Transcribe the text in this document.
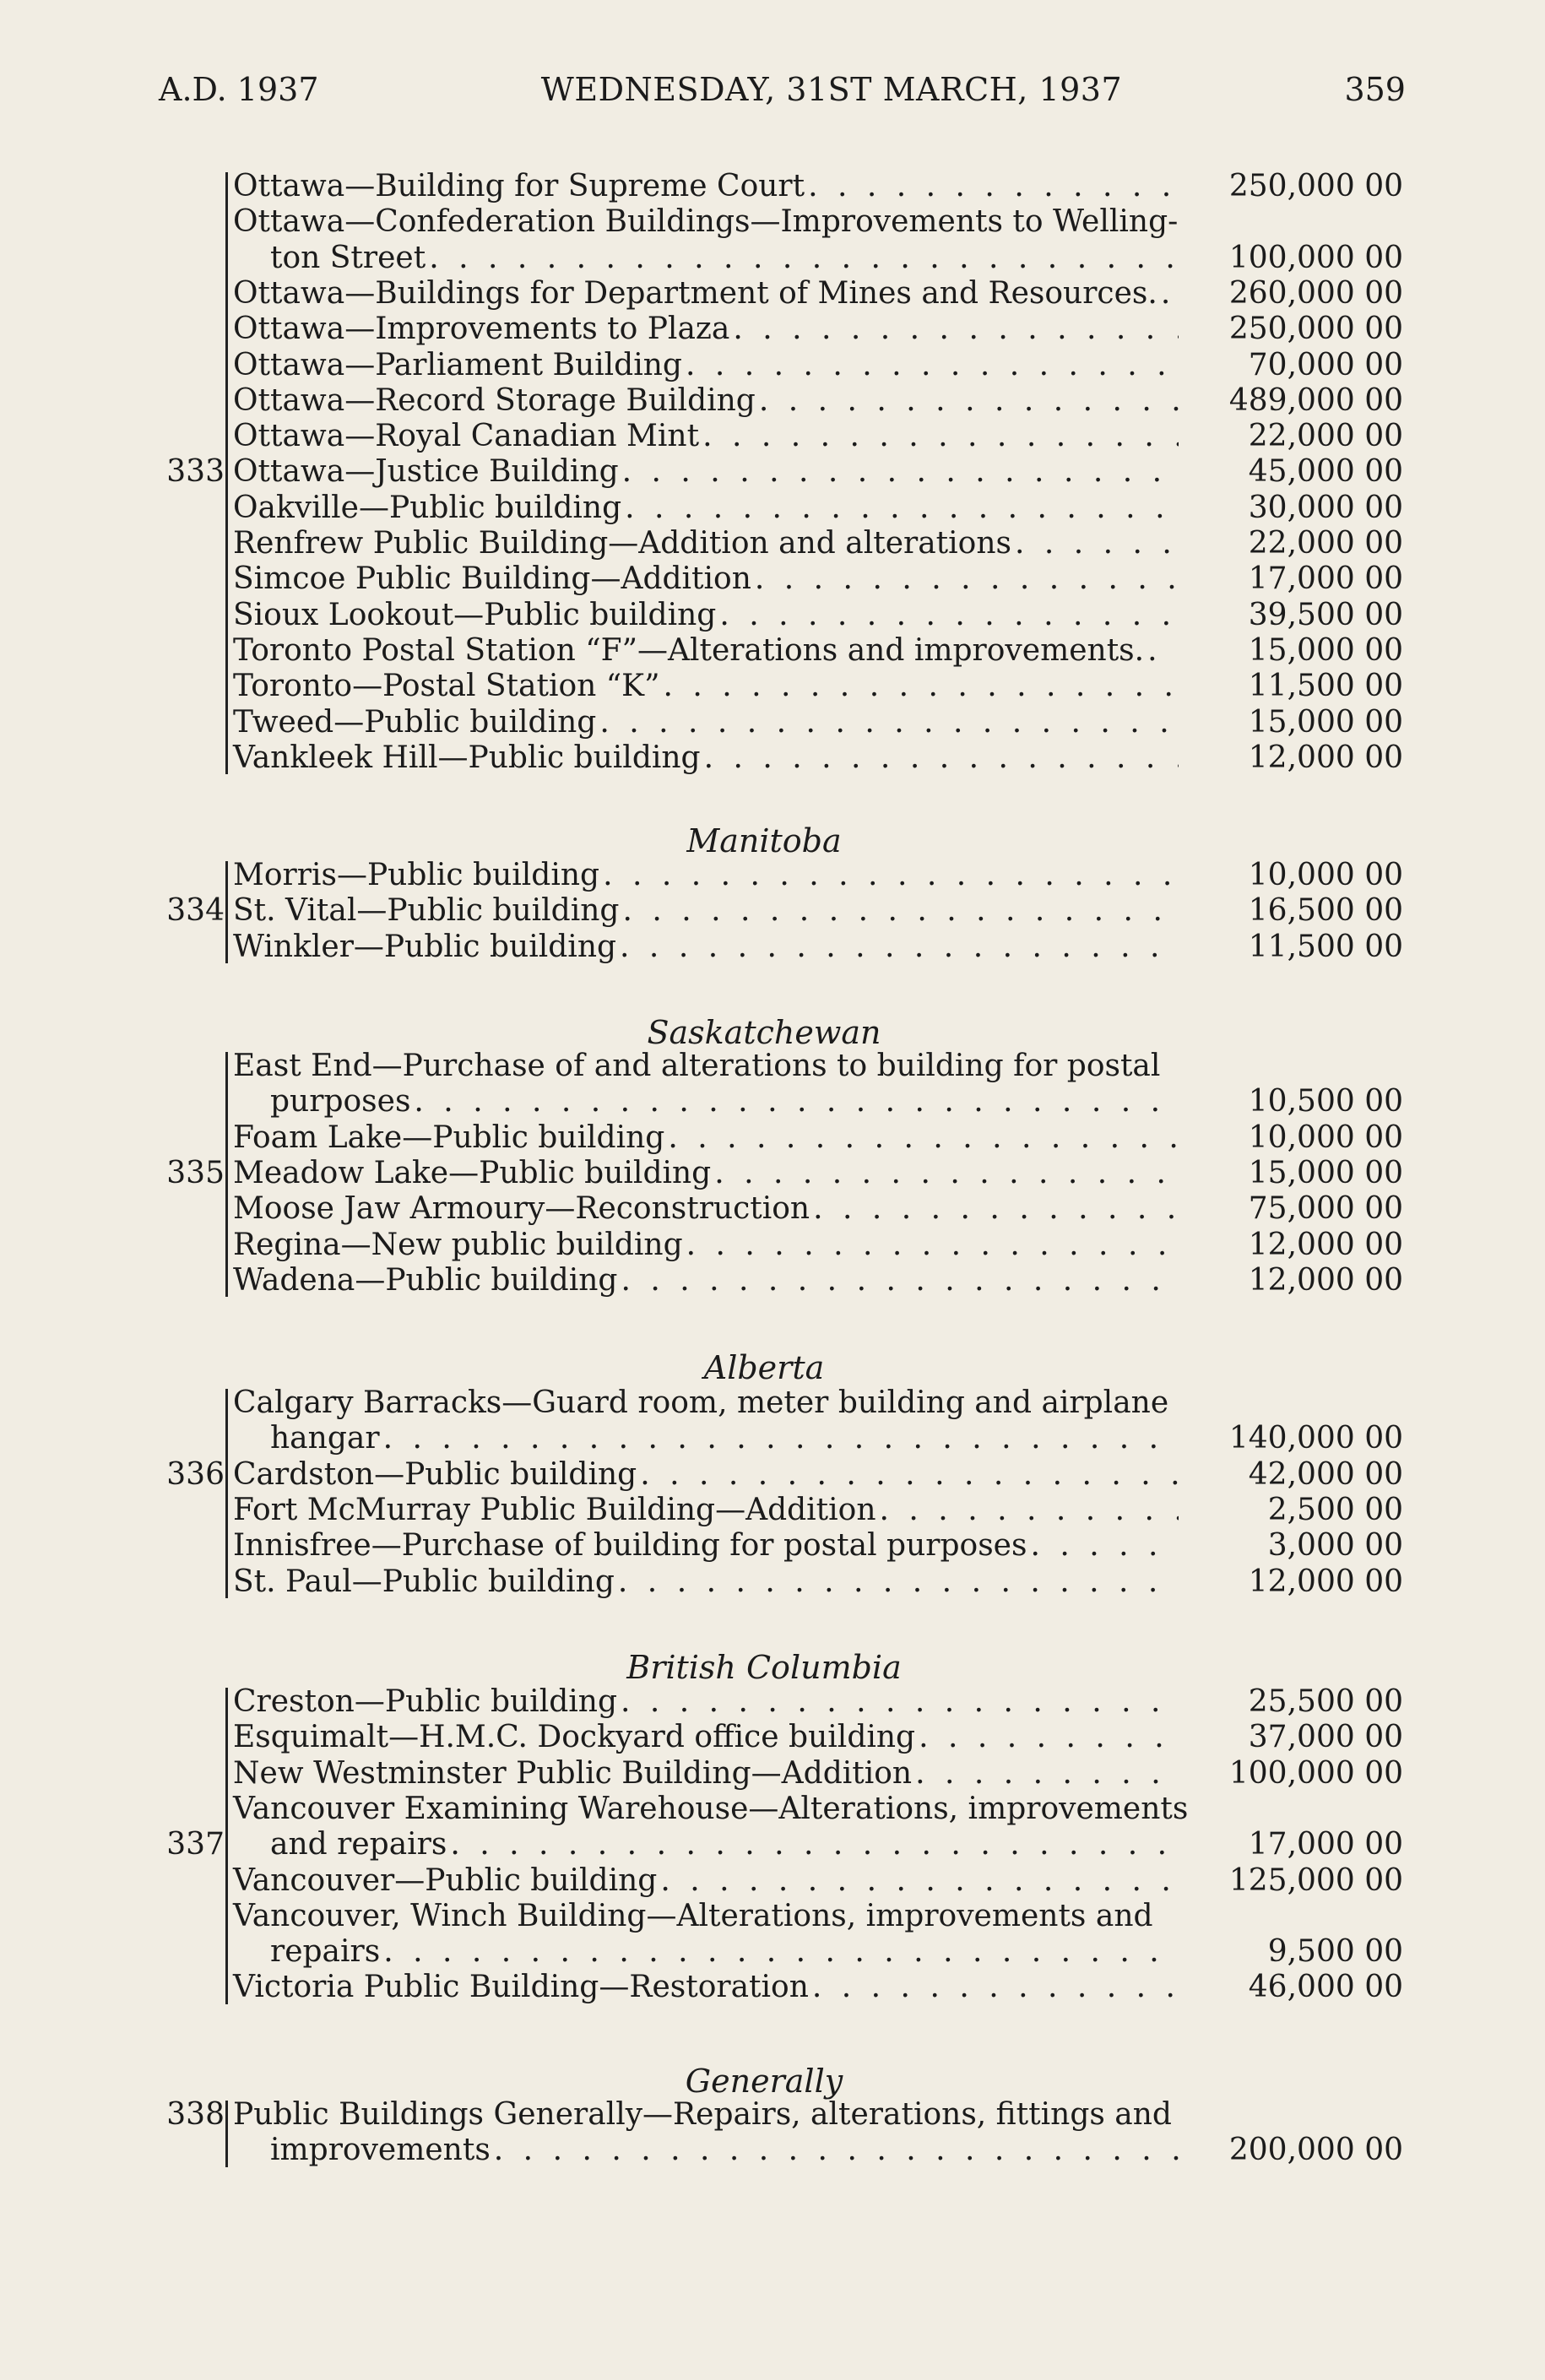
A.D. 1937	WEDNESDAY, 31ST MARCH, 1937	359
333
250,000 00
Ottawa—Building for Supreme Court
. . .
Ottawa—Confederation Buildings—Improvements to Welling-
100,000 00
ton Street
. . .
260,000 00
Ottawa—Buildings for Department of Mines and Resources.
. . .
250,000 00
Ottawa—Improvements to Plaza
. . .
70,000 00
Ottawa—Parliament Building
. . .
489,000 00
Ottawa—Record Storage Building
. . .
22,000 00
Ottawa—Royal Canadian Mint
. . .
45,000 00
Ottawa—Justice Building
. . .
30,000 00
Oakville—Public building
. . .
22,000 00
Renfrew Public Building—Addition and alterations
. . .
17,000 00
Simcoe Public Building—Addition
. . .
39,500 00
Sioux Lookout—Public building
. . .
15,000 00
Toronto Postal Station “F”—Alterations and improvements.
. . .
11,500 00
Toronto—Postal Station “K”
. . .
15,000 00
Tweed—Public building
. . .
12,000 00
Vankleek Hill—Public building
. . .
Manitoba
334
10,000 00
Morris—Public building
. . .
16,500 00
St. Vital—Public building
. . .
11,500 00
Winkler—Public building
. . .
Saskatchewan
335
East End—Purchase of and alterations to building for postal
10,500 00
purposes
. . .
10,000 00
Foam Lake—Public building
. . .
15,000 00
Meadow Lake—Public building
. . .
75,000 00
Moose Jaw Armoury—Reconstruction
. . .
12,000 00
Regina—New public building
. . .
12,000 00
Wadena—Public building
. . .
Alberta
336
Calgary Barracks—Guard room, meter building and airplane
140,000 00
hangar
. . .
42,000 00
Cardston—Public building
. . .
2,500 00
Fort McMurray Public Building—Addition
. . .
3,000 00
Innisfree—Purchase of building for postal purposes
. . .
12,000 00
St. Paul—Public building
. . .
British Columbia
337
25,500 00
Creston—Public building
. . .
37,000 00
Esquimalt—H.M.C. Dockyard office building
. . .
100,000 00
New Westminster Public Building—Addition
. . .
Vancouver Examining Warehouse—Alterations, improvements
17,000 00
and repairs
. . .
125,000 00
Vancouver—Public building
. . .
Vancouver, Winch Building—Alterations, improvements and
9,500 00
repairs
. . .
46,000 00
Victoria Public Building—Restoration
. . .
Generally
338 Public Buildings Generally—Repairs, alterations, fittings and
200,000 00
improvements
. . .
